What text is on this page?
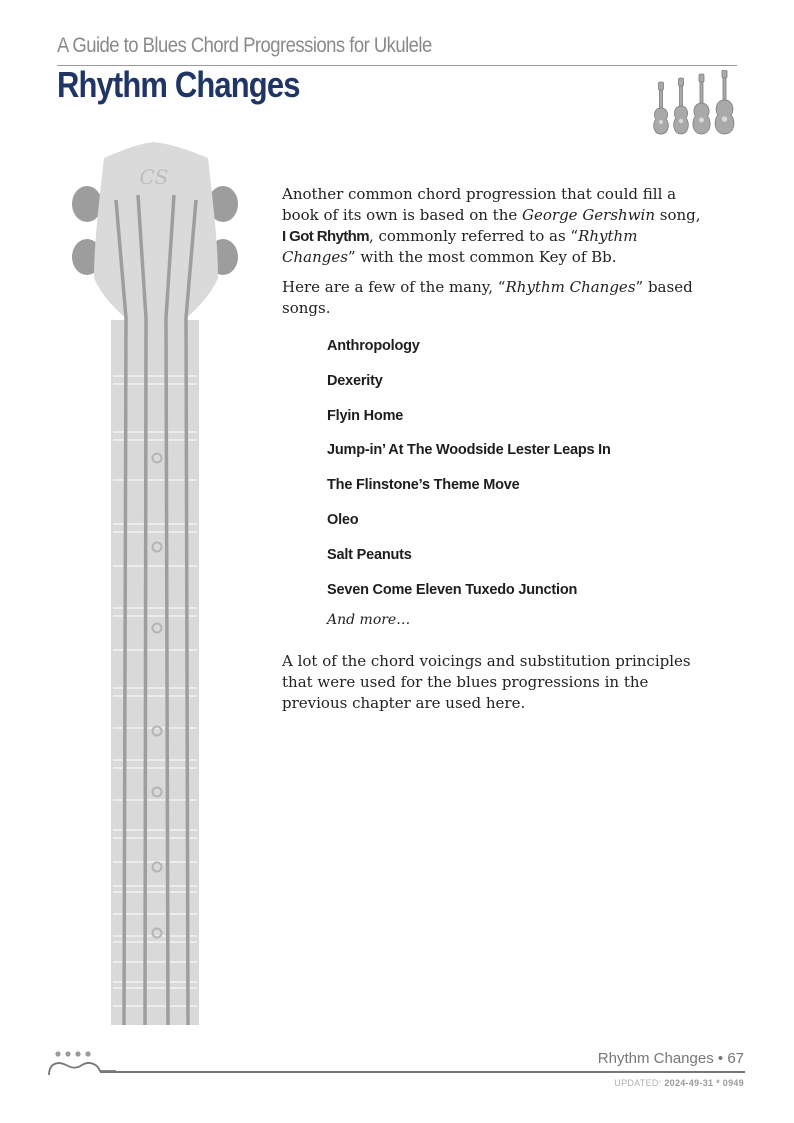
A Guide to Blues Chord Progressions for Ukulele
Rhythm Changes
CS

Another common chord progression that could fill a book of its own is based on the George Gershwin song, I Got Rhythm, commonly referred to as “Rhythm Changes” with the most common Key of Bb.

Here are a few of the many, “Rhythm Changes” based songs.

Anthropology
Dexerity
Flyin Home
Jump-in’ At The Woodside Lester Leaps In
The Flinstone’s Theme Move
Oleo
Salt Peanuts
Seven Come Eleven Tuxedo Junction

And more…

A lot of the chord voicings and substitution principles that were used for the blues progressions in the previous chapter are used here.

Rhythm Changes • 67
UPDATED: 2024-49-31 * 0949
